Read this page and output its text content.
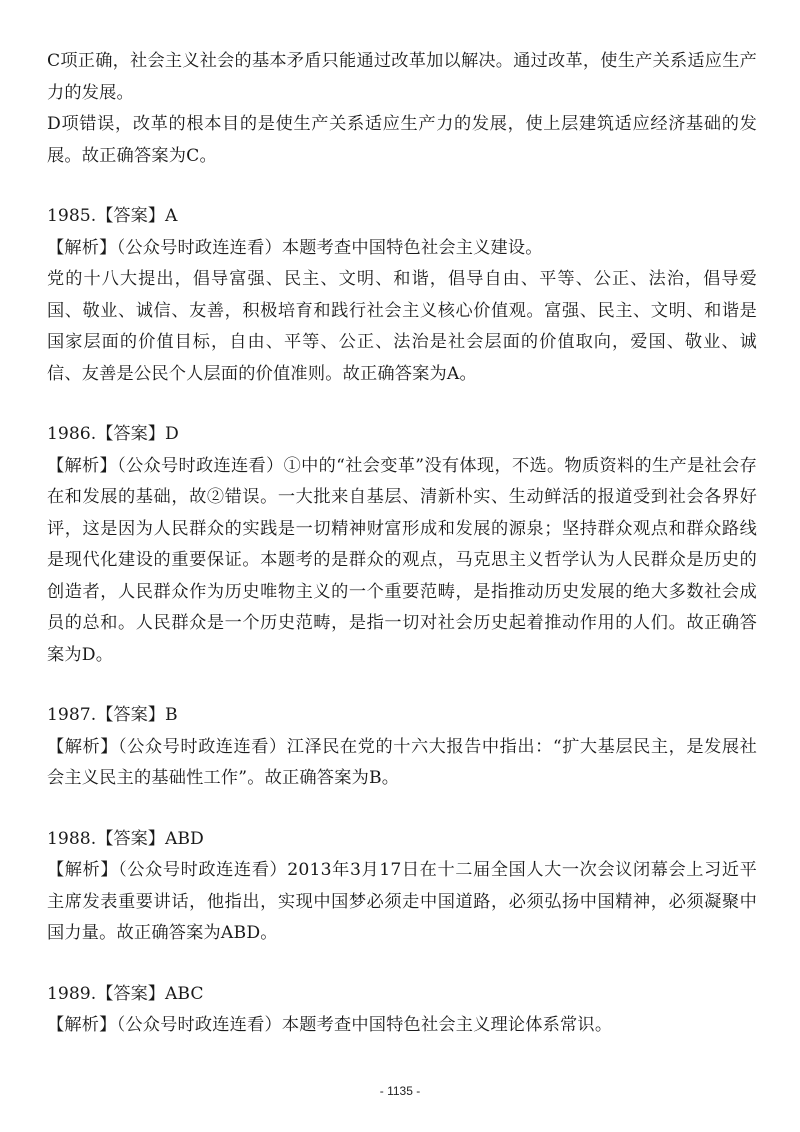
C项正确，社会主义社会的基本矛盾只能通过改革加以解决。通过改革，使生产关系适应生产力的发展。

D项错误，改革的根本目的是使生产关系适应生产力的发展，使上层建筑适应经济基础的发展。故正确答案为C。

1985.【答案】A

【解析】（公众号时政连连看）本题考查中国特色社会主义建设。

党的十八大提出，倡导富强、民主、文明、和谐，倡导自由、平等、公正、法治，倡导爱国、敬业、诚信、友善，积极培育和践行社会主义核心价值观。富强、民主、文明、和谐是国家层面的价值目标，自由、平等、公正、法治是社会层面的价值取向，爱国、敬业、诚信、友善是公民个人层面的价值准则。故正确答案为A。

1986.【答案】D

【解析】（公众号时政连连看）①中的“社会变革”没有体现，不选。物质资料的生产是社会存在和发展的基础，故②错误。一大批来自基层、清新朴实、生动鲜活的报道受到社会各界好评，这是因为人民群众的实践是一切精神财富形成和发展的源泉；坚持群众观点和群众路线是现代化建设的重要保证。本题考的是群众的观点，马克思主义哲学认为人民群众是历史的创造者，人民群众作为历史唯物主义的一个重要范畴，是指推动历史发展的绝大多数社会成员的总和。人民群众是一个历史范畴，是指一切对社会历史起着推动作用的人们。故正确答案为D。

1987.【答案】B

【解析】（公众号时政连连看）江泽民在党的十六大报告中指出：“扩大基层民主，是发展社会主义民主的基础性工作”。故正确答案为B。

1988.【答案】ABD

【解析】（公众号时政连连看）2013年3月17日在十二届全国人大一次会议闭幕会上习近平主席发表重要讲话，他指出，实现中国梦必须走中国道路，必须弘扬中国精神，必须凝聚中国力量。故正确答案为ABD。

1989.【答案】ABC

【解析】（公众号时政连连看）本题考查中国特色社会主义理论体系常识。

- 1135 -
